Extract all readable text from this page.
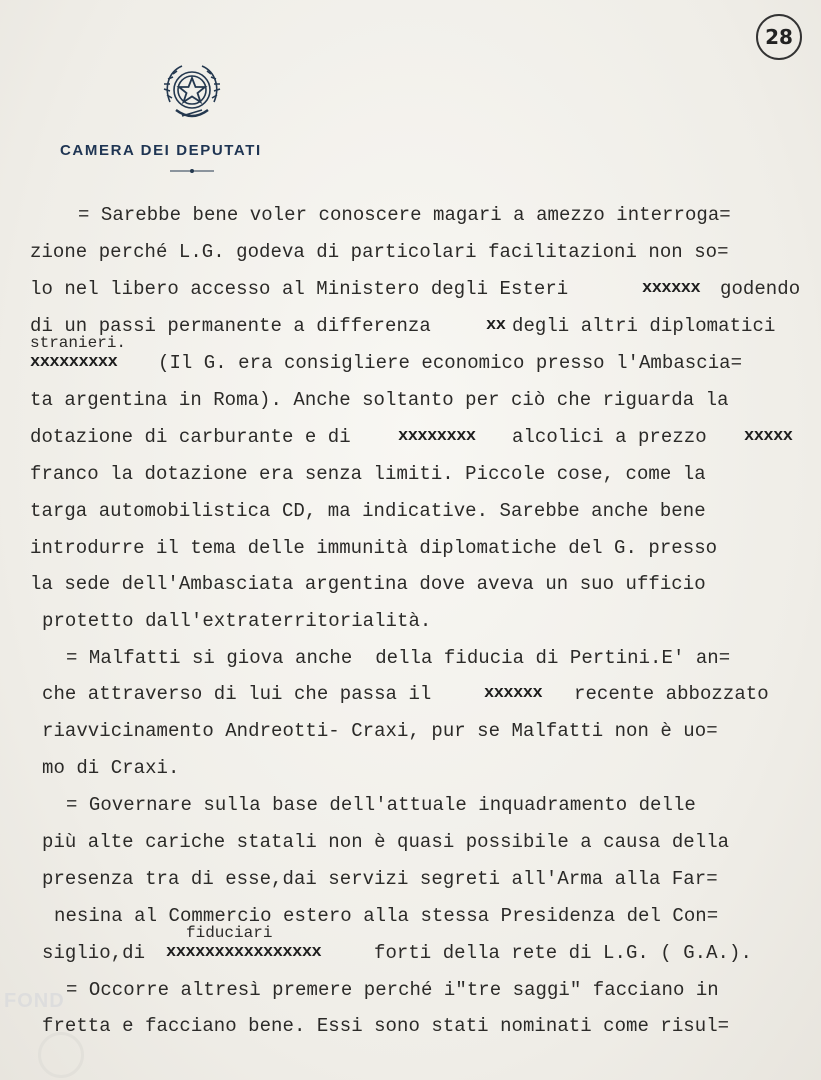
28
CAMERA DEI DEPUTATI
= Sarebbe bene voler conoscere magari a amezzo interroga=
zione perché L.G. godeva di particolari facilitazioni non so=
lo nel libero accesso al Ministero degli Esteri	xxxxxx godendo
di un passi permanente a differenza	xx degli altri diplomatici
stranieri.
xxxxxxxxx (Il G. era consigliere economico presso l'Ambascia=
ta argentina in Roma). Anche soltanto per ciò che riguarda la
dotazione di carburante e di	xxxxxxxx alcolici a prezzo xxxxx
franco la dotazione era senza limiti. Piccole cose, come la
targa automobilistica CD, ma indicative. Sarebbe anche bene
introdurre il tema delle immunità diplomatiche del G. presso
la sede dell'Ambasciata argentina dove aveva un suo ufficio
protetto dall'extraterritorialità.
= Malfatti si giova anche  della fiducia di Pertini.E' an=
che attraverso di lui che passa il	xxxxxx recente abbozzato
riavvicinamento Andreotti- Craxi, pur se Malfatti non è uo=
mo di Craxi.
= Governare sulla base dell'attuale inquadramento delle
più alte cariche statali non è quasi possibile a causa della
presenza tra di esse,dai servizi segreti all'Arma alla Far=
nesina al Commercio estero alla stessa Presidenza del Con=
fiduciari
siglio,di xxxxxxxxxxxxxxxx	forti della rete di L.G. ( G.A.).
= Occorre altresì premere perché i"tre saggi" facciano in
fretta e facciano bene. Essi sono stati nominati come risul=
FOND
